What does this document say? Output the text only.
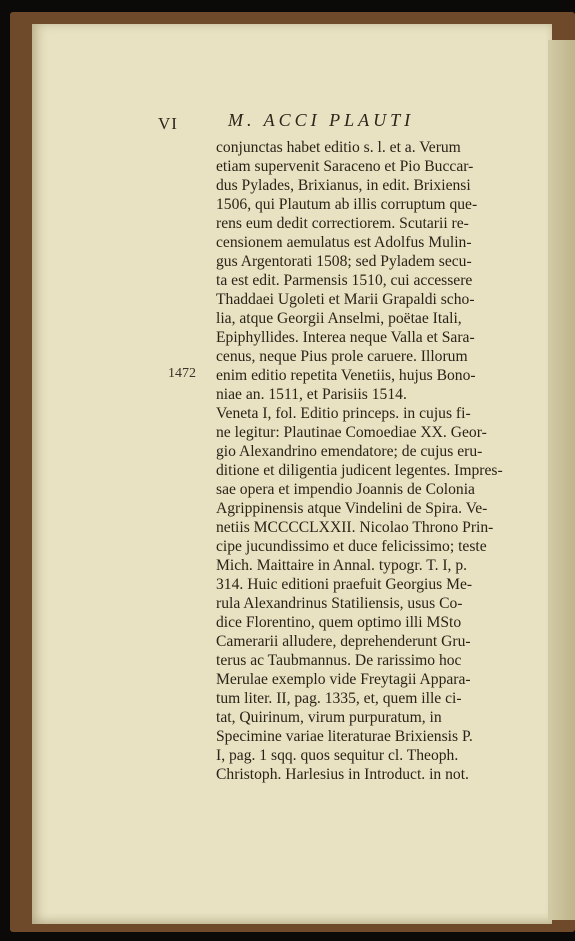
VI	M. ACCI PLAUTI
1472
conjunctas habet editio s. l. et a. Verum
etiam supervenit Saraceno et Pio Buccar-
dus Pylades, Brixianus, in edit. Brixiensi
1506, qui Plautum ab illis corruptum que-
rens eum dedit correctiorem. Scutarii re-
censionem aemulatus est Adolfus Mulin-
gus Argentorati 1508; sed Pyladem secu-
ta est edit. Parmensis 1510, cui accessere
Thaddaei Ugoleti et Marii Grapaldi scho-
lia, atque Georgii Anselmi, poëtae Itali,
Epiphyllides. Interea neque Valla et Sara-
cenus, neque Pius prole caruere. Illorum
enim editio repetita Venetiis, hujus Bono-
niae an. 1511, et Parisiis 1514.
Veneta I, fol. Editio princeps. in cujus fi-
ne legitur: Plautinae Comoediae XX. Geor-
gio Alexandrino emendatore; de cujus eru-
ditione et diligentia judicent legentes. Impres-
sae opera et impendio Joannis de Colonia
Agrippinensis atque Vindelini de Spira. Ve-
netiis MCCCCLXXII. Nicolao Throno Prin-
cipe jucundissimo et duce felicissimo; teste
Mich. Maittaire in Annal. typogr. T. I, p.
314. Huic editioni praefuit Georgius Me-
rula Alexandrinus Statiliensis, usus Co-
dice Florentino, quem optimo illi MSto
Camerarii alludere, deprehenderunt Gru-
terus ac Taubmannus. De rarissimo hoc
Merulae exemplo vide Freytagii Appara-
tum liter. II, pag. 1335, et, quem ille ci-
tat, Quirinum, virum purpuratum, in
Specimine variae literaturae Brixiensis P.
I, pag. 1 sqq. quos sequitur cl. Theoph.
Christoph. Harlesius in Introduct. in not.
